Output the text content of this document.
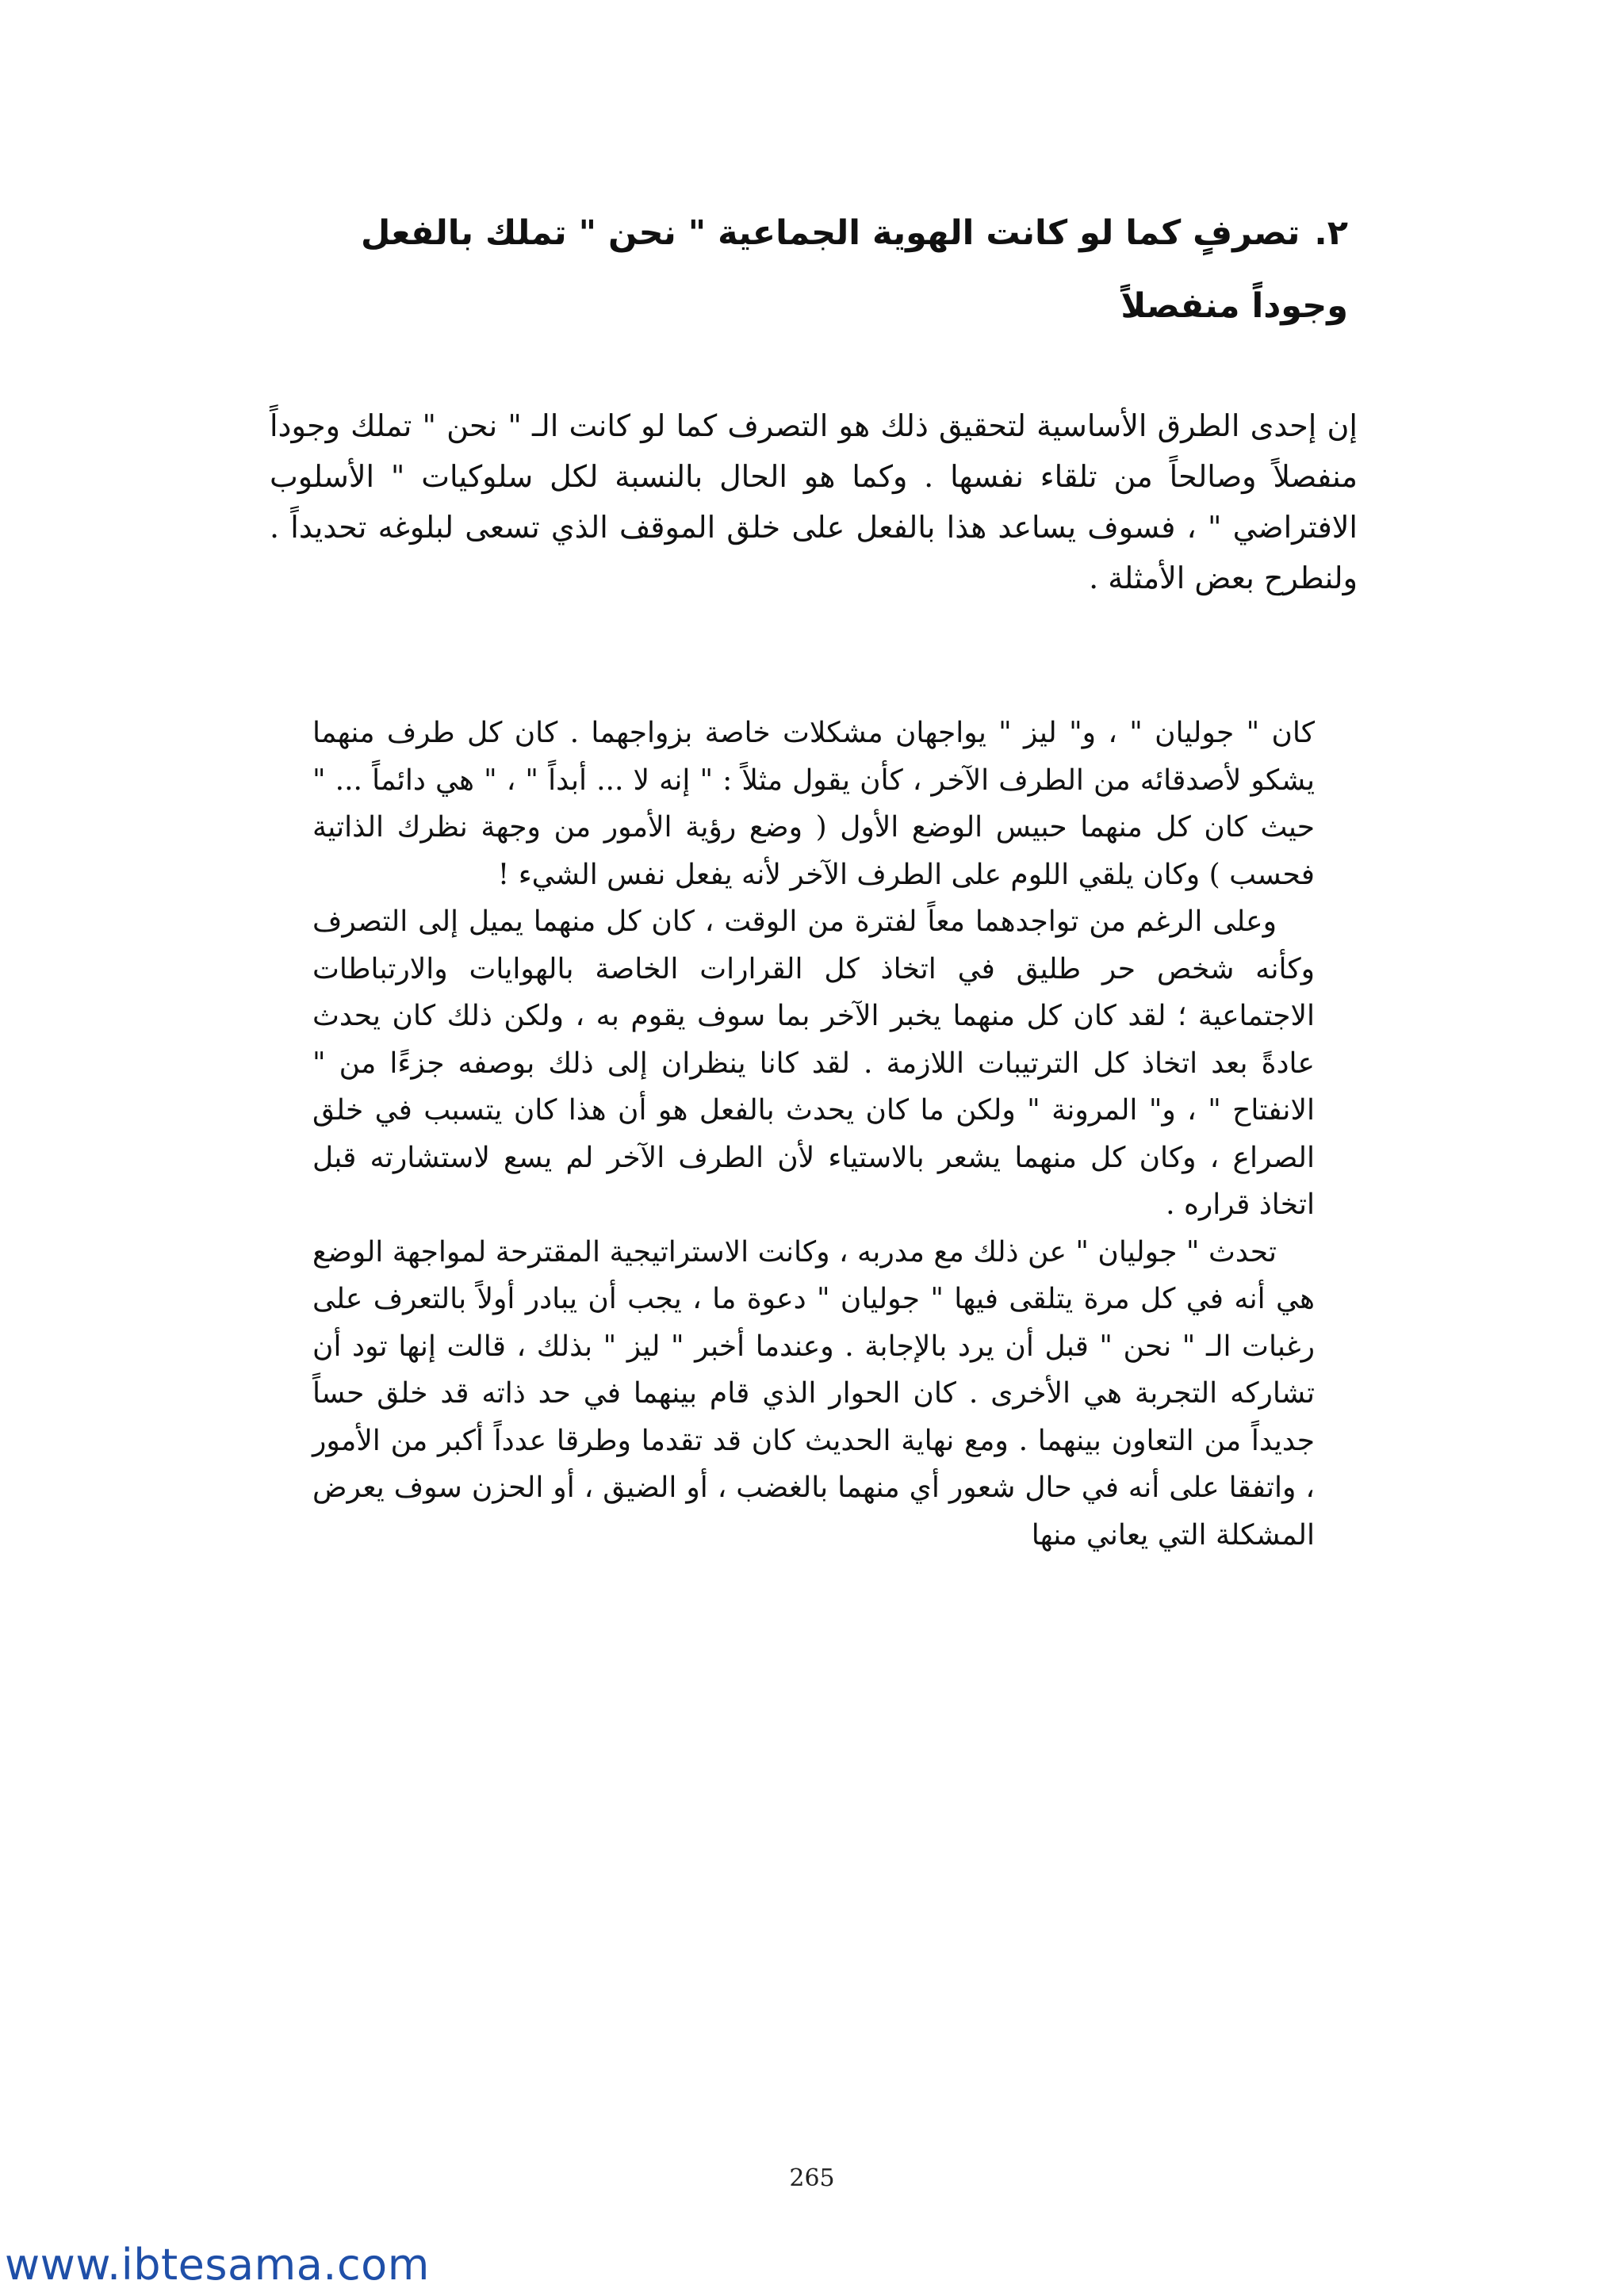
٢.تصرفٍ كما لو كانت الهوية الجماعية " نحن " تملك بالفعل وجوداً منفصلاً

إن إحدى الطرق الأساسية لتحقيق ذلك هو التصرف كما لو كانت الـ " نحن " تملك وجوداً منفصلاً وصالحاً من تلقاء نفسها . وكما هو الحال بالنسبة لكل سلوكيات " الأسلوب الافتراضي " ، فسوف يساعد هذا بالفعل على خلق الموقف الذي تسعى لبلوغه تحديداً . ولنطرح بعض الأمثلة .

كان " جوليان " ، و" ليز " يواجهان مشكلات خاصة بزواجهما . كان كل طرف منهما يشكو لأصدقائه من الطرف الآخر ، كأن يقول مثلاً : " إنه لا ... أبداً " ، " هي دائماً ... " حيث كان كل منهما حبيس الوضع الأول ( وضع رؤية الأمور من وجهة نظرك الذاتية فحسب ) وكان يلقي اللوم على الطرف الآخر لأنه يفعل نفس الشيء !

وعلى الرغم من تواجدهما معاً لفترة من الوقت ، كان كل منهما يميل إلى التصرف وكأنه شخص حر طليق في اتخاذ كل القرارات الخاصة بالهوايات والارتباطات الاجتماعية ؛ لقد كان كل منهما يخبر الآخر بما سوف يقوم به ، ولكن ذلك كان يحدث عادةً بعد اتخاذ كل الترتيبات اللازمة . لقد كانا ينظران إلى ذلك بوصفه جزءًا من " الانفتاح " ، و" المرونة " ولكن ما كان يحدث بالفعل هو أن هذا كان يتسبب في خلق الصراع ، وكان كل منهما يشعر بالاستياء لأن الطرف الآخر لم يسع لاستشارته قبل اتخاذ قراره .

تحدث " جوليان " عن ذلك مع مدربه ، وكانت الاستراتيجية المقترحة لمواجهة الوضع هي أنه في كل مرة يتلقى فيها " جوليان " دعوة ما ، يجب أن يبادر أولاً بالتعرف على رغبات الـ " نحن " قبل أن يرد بالإجابة . وعندما أخبر " ليز " بذلك ، قالت إنها تود أن تشاركه التجربة هي الأخرى . كان الحوار الذي قام بينهما في حد ذاته قد خلق حساً جديداً من التعاون بينهما . ومع نهاية الحديث كان قد تقدما وطرقا عدداً أكبر من الأمور ، واتفقا على أنه في حال شعور أي منهما بالغضب ، أو الضيق ، أو الحزن سوف يعرض المشكلة التي يعاني منها

265
www.ibtesama.com
